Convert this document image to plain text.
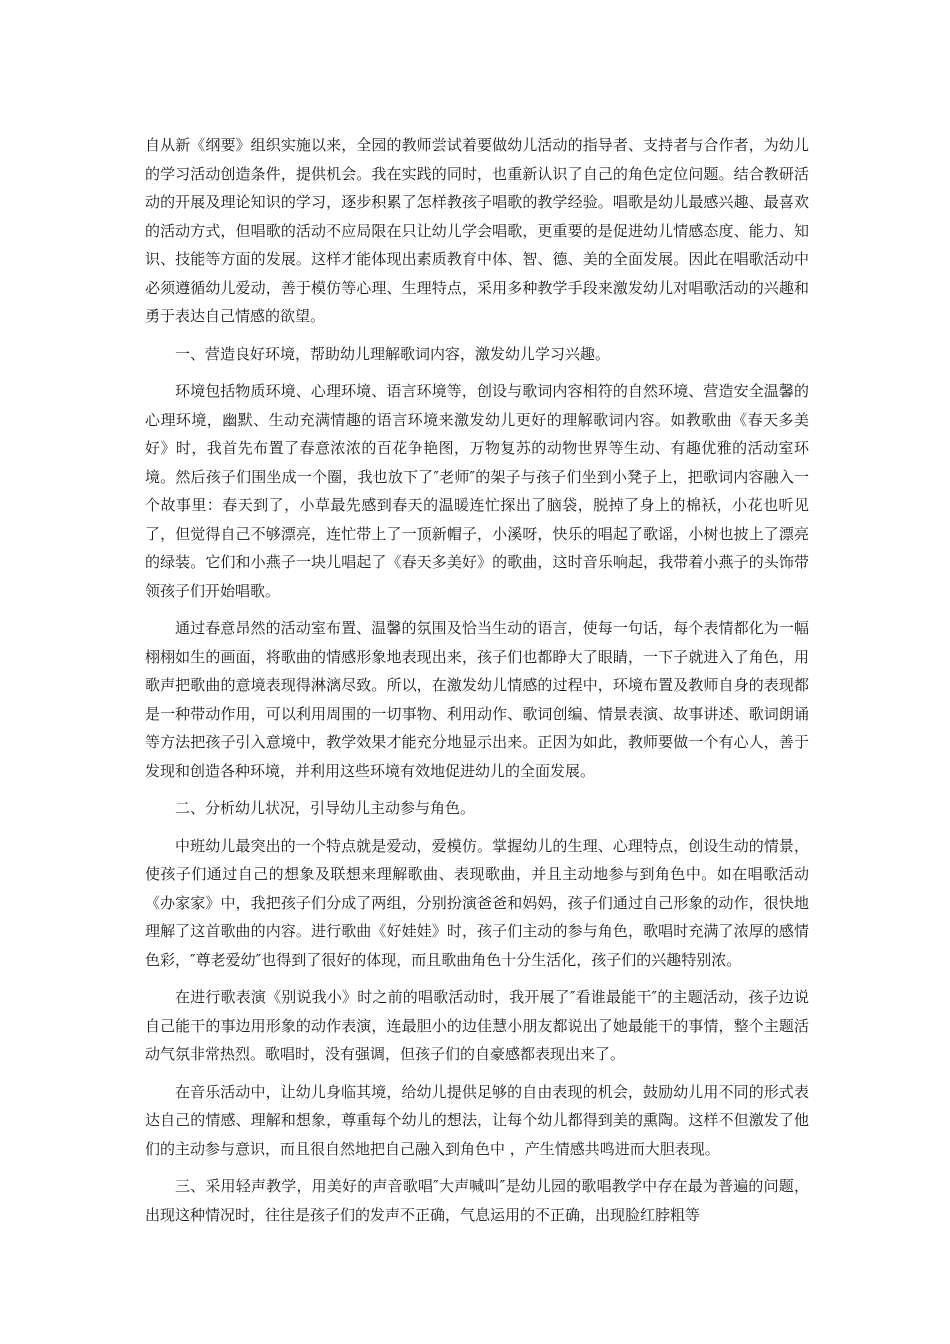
自从新《纲要》组织实施以来，全园的教师尝试着要做幼儿活动的指导者、支持者与合作者，为幼儿的学习活动创造条件，提供机会。我在实践的同时，也重新认识了自己的角色定位问题。结合教研活动的开展及理论知识的学习，逐步积累了怎样教孩子唱歌的教学经验。唱歌是幼儿最感兴趣、最喜欢的活动方式，但唱歌的活动不应局限在只让幼儿学会唱歌，更重要的是促进幼儿情感态度、能力、知识、技能等方面的发展。这样才能体现出素质教育中体、智、德、美的全面发展。因此在唱歌活动中必须遵循幼儿爱动，善于模仿等心理、生理特点，采用多种教学手段来激发幼儿对唱歌活动的兴趣和勇于表达自己情感的欲望。

一、营造良好环境，帮助幼儿理解歌词内容，激发幼儿学习兴趣。

环境包括物质环境、心理环境、语言环境等，创设与歌词内容相符的自然环境、营造安全温馨的心理环境，幽默、生动充满情趣的语言环境来激发幼儿更好的理解歌词内容。如教歌曲《春天多美好》时，我首先布置了春意浓浓的百花争艳图，万物复苏的动物世界等生动、有趣优雅的活动室环境。然后孩子们围坐成一个圈，我也放下了″老师″的架子与孩子们坐到小凳子上，把歌词内容融入一个故事里：春天到了，小草最先感到春天的温暖连忙探出了脑袋，脱掉了身上的棉袄，小花也听见了，但觉得自己不够漂亮，连忙带上了一顶新帽子，小溪呀，快乐的唱起了歌谣，小树也披上了漂亮的绿装。它们和小燕子一块儿唱起了《春天多美好》的歌曲，这时音乐响起，我带着小燕子的头饰带领孩子们开始唱歌。

通过春意昂然的活动室布置、温馨的氛围及恰当生动的语言，使每一句话，每个表情都化为一幅栩栩如生的画面，将歌曲的情感形象地表现出来，孩子们也都睁大了眼睛，一下子就进入了角色，用歌声把歌曲的意境表现得淋漓尽致。所以，在激发幼儿情感的过程中，环境布置及教师自身的表现都是一种带动作用，可以利用周围的一切事物、利用动作、歌词创编、情景表演、故事讲述、歌词朗诵等方法把孩子引入意境中，教学效果才能充分地显示出来。正因为如此，教师要做一个有心人，善于发现和创造各种环境，并利用这些环境有效地促进幼儿的全面发展。

二、分析幼儿状况，引导幼儿主动参与角色。

中班幼儿最突出的一个特点就是爱动，爱模仿。掌握幼儿的生理、心理特点，创设生动的情景，使孩子们通过自己的想象及联想来理解歌曲、表现歌曲，并且主动地参与到角色中。如在唱歌活动《办家家》中，我把孩子们分成了两组，分别扮演爸爸和妈妈，孩子们通过自己形象的动作，很快地理解了这首歌曲的内容。进行歌曲《好娃娃》时，孩子们主动的参与角色，歌唱时充满了浓厚的感情色彩，″尊老爱幼″也得到了很好的体现，而且歌曲角色十分生活化，孩子们的兴趣特别浓。

在进行歌表演《别说我小》时之前的唱歌活动时，我开展了″看谁最能干″的主题活动，孩子边说自己能干的事边用形象的动作表演，连最胆小的边佳慧小朋友都说出了她最能干的事情，整个主题活动气氛非常热烈。歌唱时，没有强调，但孩子们的自豪感都表现出来了。

在音乐活动中，让幼儿身临其境，给幼儿提供足够的自由表现的机会，鼓励幼儿用不同的形式表达自己的情感、理解和想象，尊重每个幼儿的想法，让每个幼儿都得到美的熏陶。这样不但激发了他们的主动参与意识，而且很自然地把自己融入到角色中 ，产生情感共鸣进而大胆表现。

三、采用轻声教学，用美好的声音歌唱″大声喊叫″是幼儿园的歌唱教学中存在最为普遍的问题，出现这种情况时，往往是孩子们的发声不正确，气息运用的不正确，出现脸红脖粗等
